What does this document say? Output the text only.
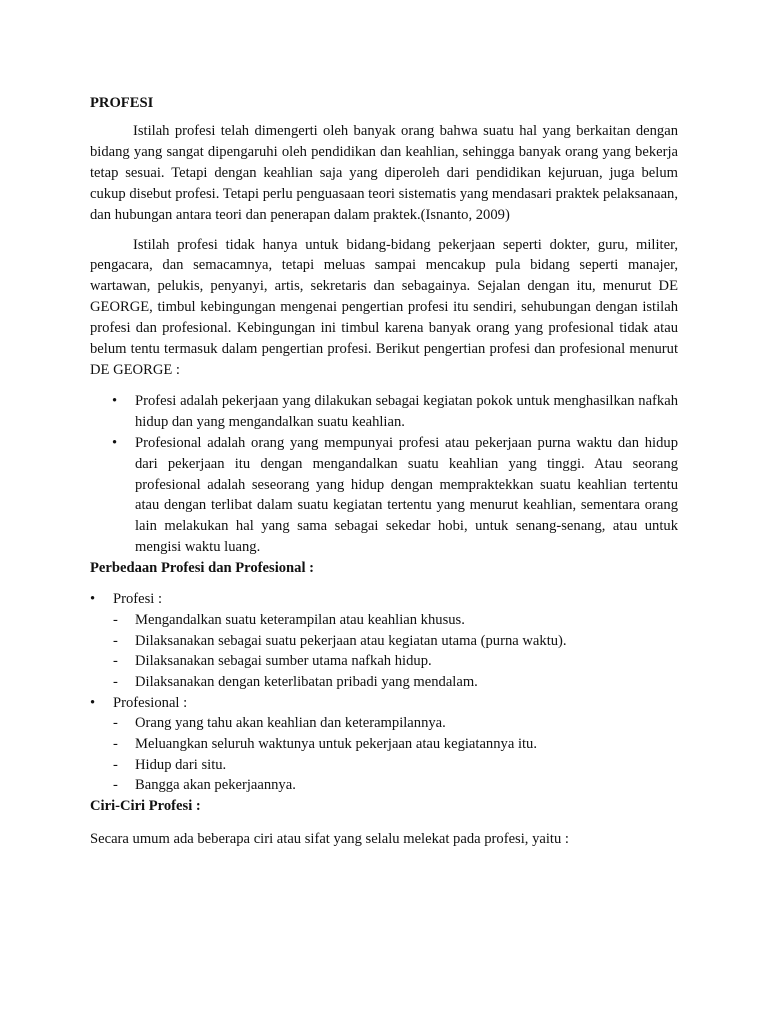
PROFESI

Istilah profesi telah dimengerti oleh banyak orang bahwa suatu hal yang berkaitan dengan bidang yang sangat dipengaruhi oleh pendidikan dan keahlian, sehingga banyak orang yang bekerja tetap sesuai. Tetapi dengan keahlian saja yang diperoleh dari pendidikan kejuruan, juga belum cukup disebut profesi. Tetapi perlu penguasaan teori sistematis yang mendasari praktek pelaksanaan, dan hubungan antara teori dan penerapan dalam praktek.(Isnanto, 2009)

Istilah profesi tidak hanya untuk bidang-bidang pekerjaan seperti dokter, guru, militer, pengacara, dan semacamnya, tetapi meluas sampai mencakup pula bidang seperti manajer, wartawan, pelukis, penyanyi, artis, sekretaris dan sebagainya. Sejalan dengan itu, menurut DE GEORGE, timbul kebingungan mengenai pengertian profesi itu sendiri, sehubungan dengan istilah profesi dan profesional. Kebingungan ini timbul karena banyak orang yang profesional tidak atau belum tentu termasuk dalam pengertian profesi. Berikut pengertian profesi dan profesional menurut DE GEORGE :

• Profesi adalah pekerjaan yang dilakukan sebagai kegiatan pokok untuk menghasilkan nafkah hidup dan yang mengandalkan suatu keahlian.
• Profesional adalah orang yang mempunyai profesi atau pekerjaan purna waktu dan hidup dari pekerjaan itu dengan mengandalkan suatu keahlian yang tinggi. Atau seorang profesional adalah seseorang yang hidup dengan mempraktekkan suatu keahlian tertentu atau dengan terlibat dalam suatu kegiatan tertentu yang menurut keahlian, sementara orang lain melakukan hal yang sama sebagai sekedar hobi, untuk senang-senang, atau untuk mengisi waktu luang.
Perbedaan Profesi dan Profesional :
• Profesi :
- Mengandalkan suatu keterampilan atau keahlian khusus.
- Dilaksanakan sebagai suatu pekerjaan atau kegiatan utama (purna waktu).
- Dilaksanakan sebagai sumber utama nafkah hidup.
- Dilaksanakan dengan keterlibatan pribadi yang mendalam.
• Profesional :
- Orang yang tahu akan keahlian dan keterampilannya.
- Meluangkan seluruh waktunya untuk pekerjaan atau kegiatannya itu.
- Hidup dari situ.
- Bangga akan pekerjaannya.
Ciri-Ciri Profesi :

Secara umum ada beberapa ciri atau sifat yang selalu melekat pada profesi, yaitu :
